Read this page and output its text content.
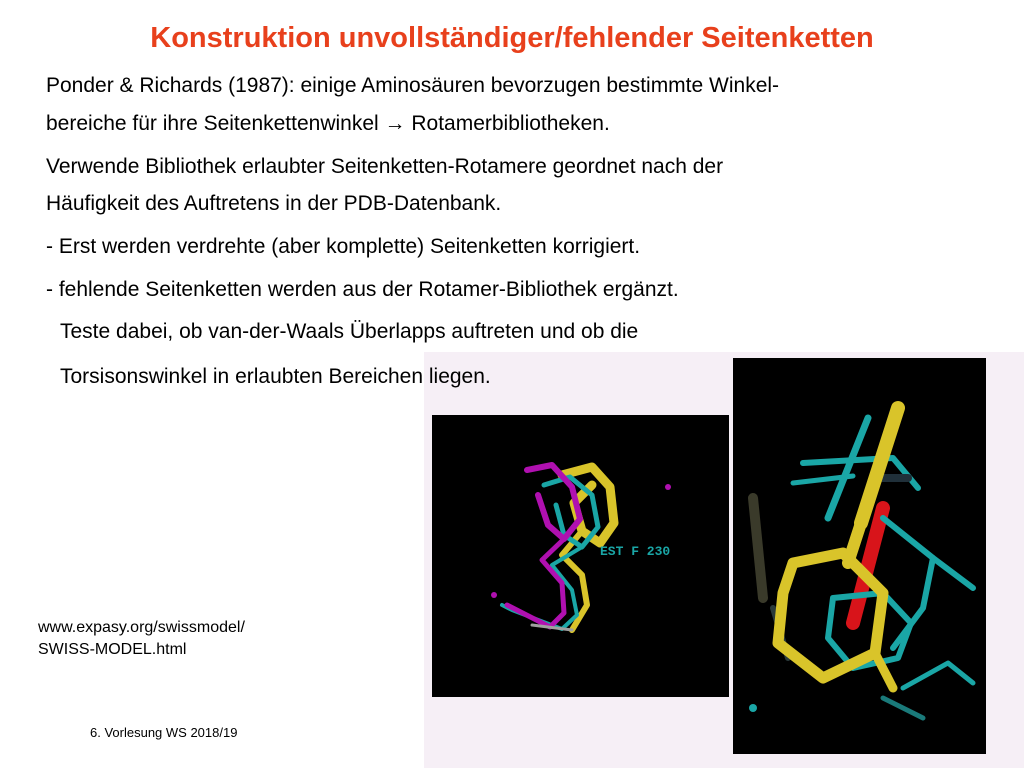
Konstruktion unvollständiger/fehlender Seitenketten
Ponder & Richards (1987): einige Aminosäuren bevorzugen bestimmte Winkel-
bereiche für ihre Seitenkettenwinkel → Rotamerbibliotheken.
Verwende Bibliothek erlaubter Seitenketten-Rotamere geordnet nach der
Häufigkeit des Auftretens in der PDB-Datenbank.
- Erst werden verdrehte (aber komplette) Seitenketten korrigiert.
- fehlende Seitenketten werden aus der Rotamer-Bibliothek ergänzt.
Teste dabei, ob van-der-Waals Überlapps auftreten und ob die
Torsisonswinkel in erlaubten Bereichen liegen.
EST F 230
www.expasy.org/swissmodel/
SWISS-MODEL.html
6. Vorlesung WS 2018/19
